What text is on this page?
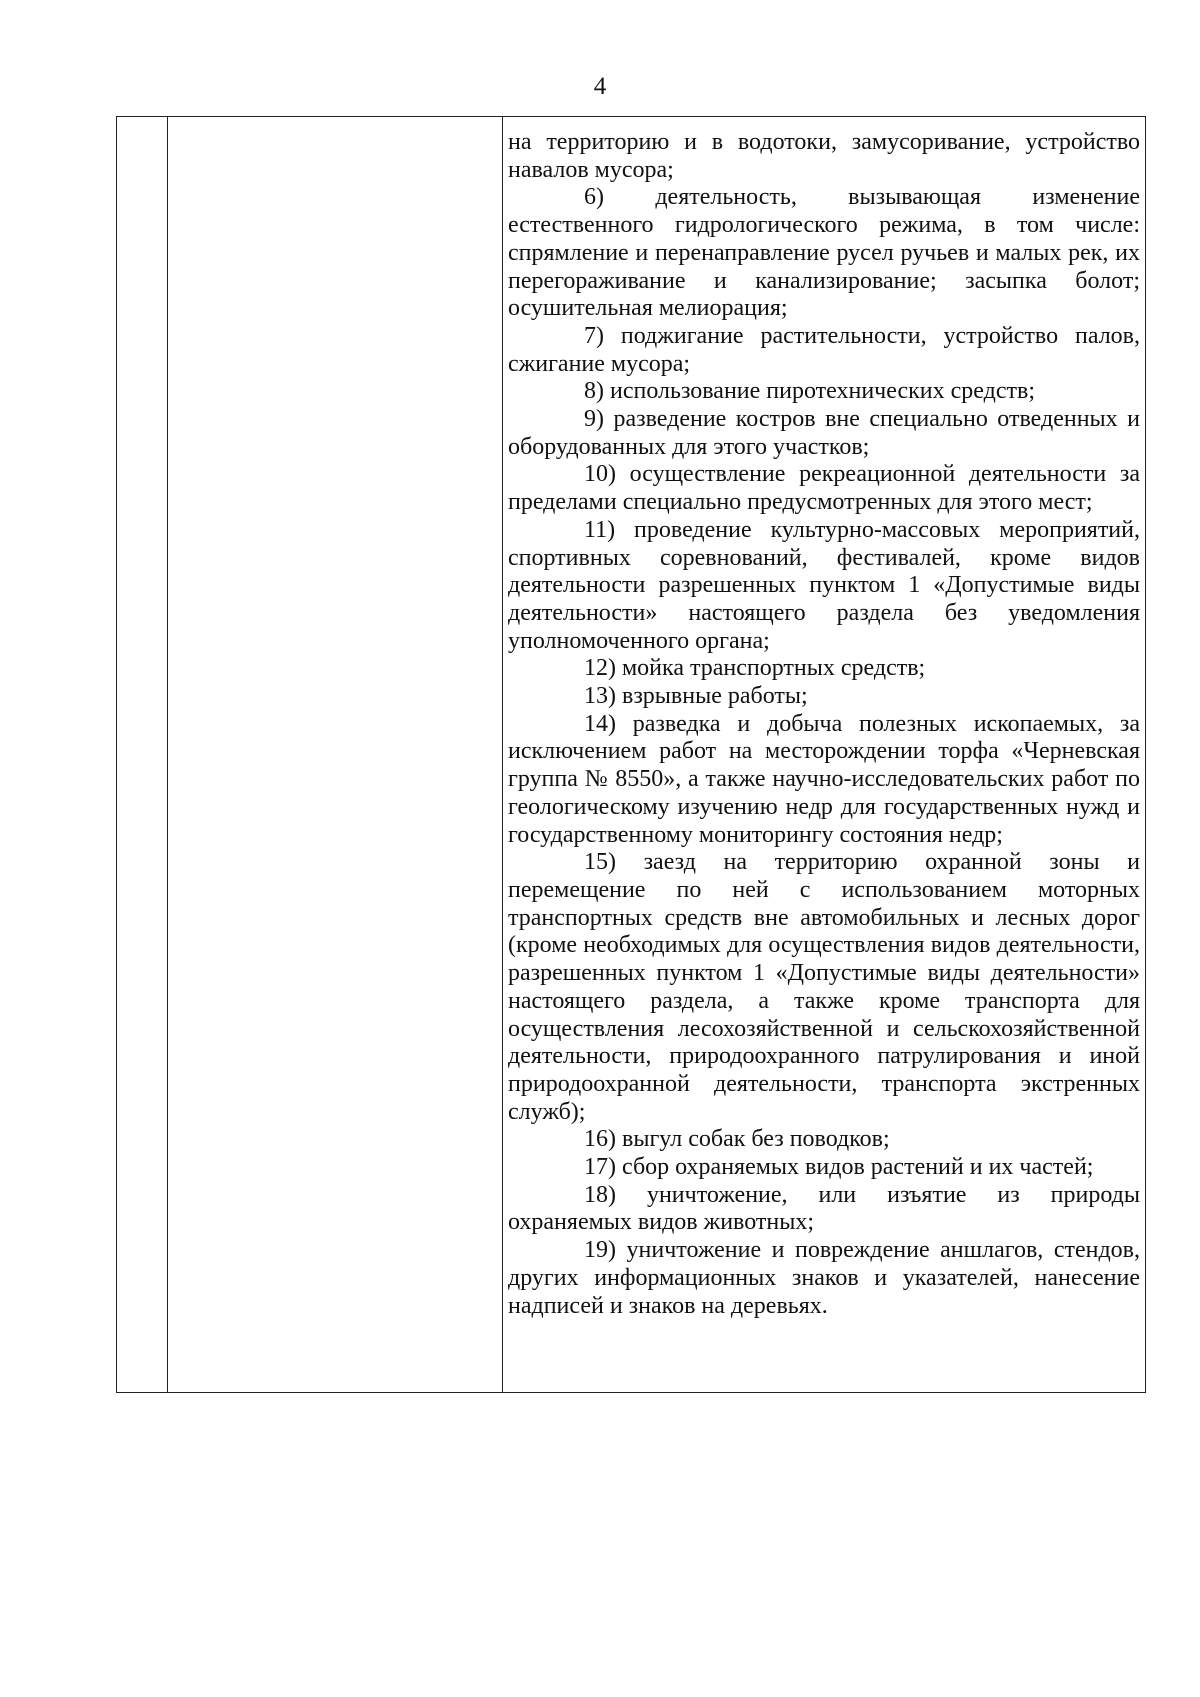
4

на территорию и в водотоки, замусоривание, устройство навалов мусора;

6) деятельность, вызывающая изменение естественного гидрологического режима, в том числе: спрямление и перенаправление русел ручьев и малых рек, их перегораживание и канализирование; засыпка болот; осушительная мелиорация;

7) поджигание растительности, устройство палов, сжигание мусора;

8) использование пиротехнических средств;

9) разведение костров вне специально отведенных и оборудованных для этого участков;

10) осуществление рекреационной деятельности за пределами специально предусмотренных для этого мест;

11) проведение культурно-массовых мероприятий, спортивных соревнований, фестивалей, кроме видов деятельности разрешенных пунктом 1 «Допустимые виды деятельности» настоящего раздела без уведомления уполномоченного органа;

12) мойка транспортных средств;

13) взрывные работы;

14) разведка и добыча полезных ископаемых, за исключением работ на месторождении торфа «Черневская группа № 8550», а также научно-исследовательских работ по геологическому изучению недр для государственных нужд и государственному мониторингу состояния недр;

15) заезд на территорию охранной зоны и перемещение по ней с использованием моторных транспортных средств вне автомобильных и лесных дорог (кроме необходимых для осуществления видов деятельности, разрешенных пунктом 1 «Допустимые виды деятельности» настоящего раздела, а также кроме транспорта для осуществления лесохозяйственной и сельскохозяйственной деятельности, природоохранного патрулирования и иной природоохранной деятельности, транспорта экстренных служб);

16) выгул собак без поводков;

17) сбор охраняемых видов растений и их частей;

18) уничтожение, или изъятие из природы охраняемых видов животных;

19) уничтожение и повреждение аншлагов, стендов, других информационных знаков и указателей, нанесение надписей и знаков на деревьях.
